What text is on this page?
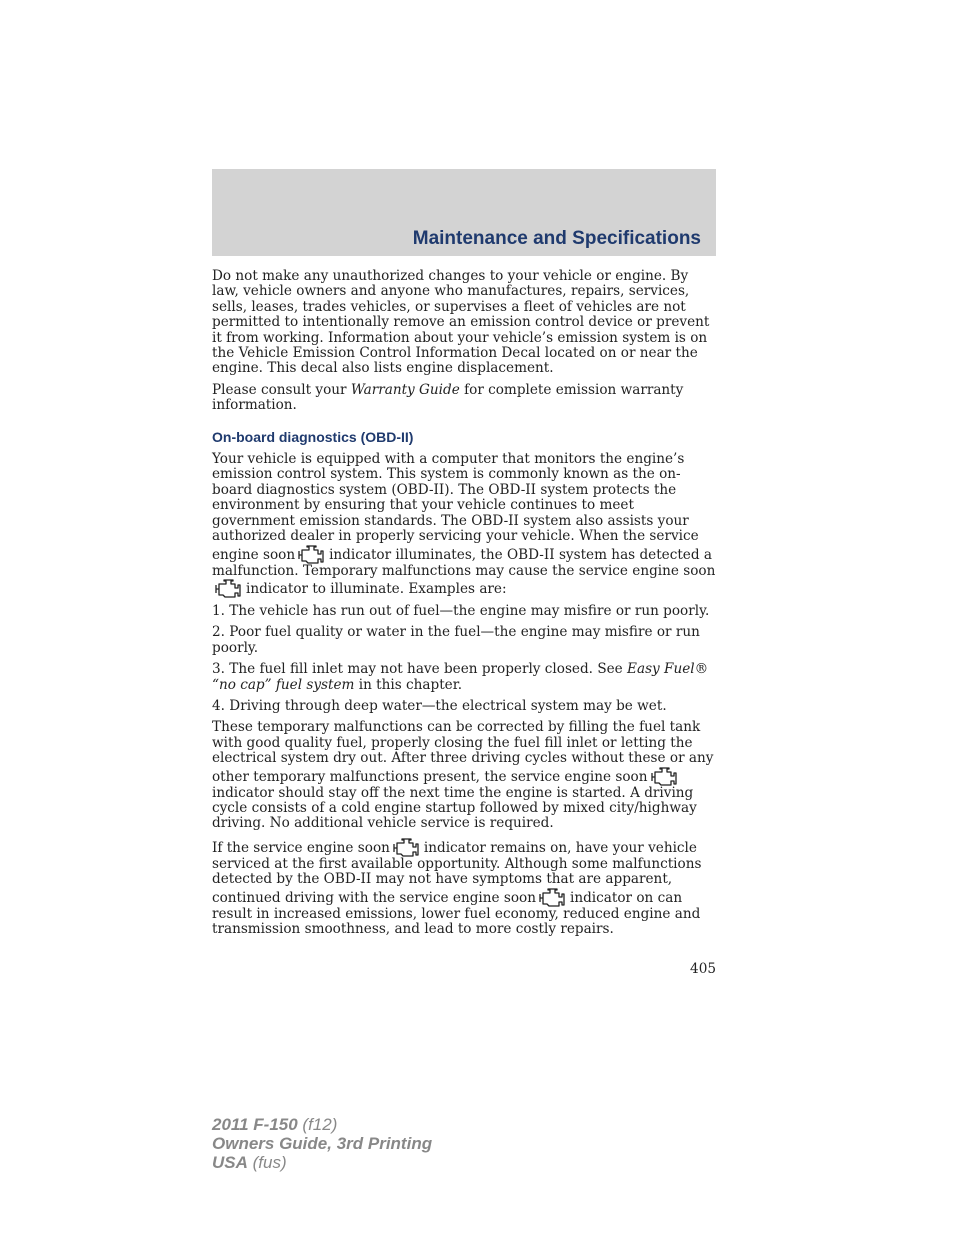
Maintenance and Specifications

Do not make any unauthorized changes to your vehicle or engine. By law, vehicle owners and anyone who manufactures, repairs, services, sells, leases, trades vehicles, or supervises a fleet of vehicles are not permitted to intentionally remove an emission control device or prevent it from working. Information about your vehicle’s emission system is on the Vehicle Emission Control Information Decal located on or near the engine. This decal also lists engine displacement.

Please consult your Warranty Guide for complete emission warranty information.

On-board diagnostics (OBD-II)

Your vehicle is equipped with a computer that monitors the engine’s emission control system. This system is commonly known as the on-board diagnostics system (OBD-II). The OBD-II system protects the environment by ensuring that your vehicle continues to meet government emission standards. The OBD-II system also assists your authorized dealer in properly servicing your vehicle. When the service engine soon	indicator illuminates, the OBD-II system has detected a malfunction. Temporary malfunctions may cause the service engine soon
indicator to illuminate. Examples are:

1. The vehicle has run out of fuel—the engine may misfire or run poorly.

2. Poor fuel quality or water in the fuel—the engine may misfire or run poorly.

3. The fuel fill inlet may not have been properly closed. See Easy Fuel® “no cap” fuel system in this chapter.

4. Driving through deep water—the electrical system may be wet.

These temporary malfunctions can be corrected by filling the fuel tank with good quality fuel, properly closing the fuel fill inlet or letting the electrical system dry out. After three driving cycles without these or any other temporary malfunctions present, the service engine soon
indicator should stay off the next time the engine is started. A driving cycle consists of a cold engine startup followed by mixed city/highway driving. No additional vehicle service is required.

If the service engine soon	indicator remains on, have your vehicle serviced at the first available opportunity. Although some malfunctions detected by the OBD-II may not have symptoms that are apparent, continued driving with the service engine soon	indicator on can result in increased emissions, lower fuel economy, reduced engine and transmission smoothness, and lead to more costly repairs.

405
2011 F-150 (f12)
Owners Guide, 3rd Printing
USA (fus)
